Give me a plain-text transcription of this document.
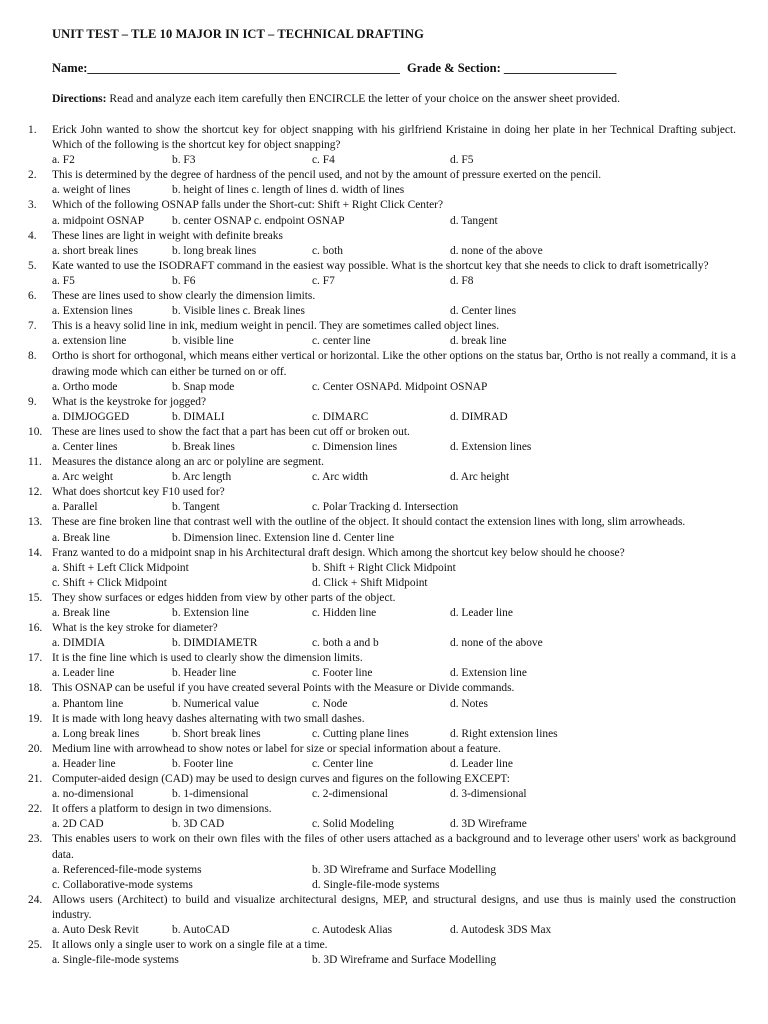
UNIT TEST – TLE 10 MAJOR IN ICT – TECHNICAL DRAFTING
Name:__________________________________________________ Grade & Section: __________________
Directions: Read and analyze each item carefully then ENCIRCLE the letter of your choice on the answer sheet provided.
1.	Erick John wanted to show the shortcut key for object snapping with his girlfriend Kristaine in doing her plate in her Technical Drafting subject. Which of the following is the shortcut key for object snapping?
a. F2	b. F3	c. F4	d. F5
2.	This is determined by the degree of hardness of the pencil used, and not by the amount of pressure exerted on the pencil.
a. weight of lines	b. height of lines c. length of lines d. width of lines
3.	Which of the following OSNAP falls under the Short-cut: Shift + Right Click Center?
a. midpoint OSNAP b. center OSNAP c. endpoint OSNAP	d. Tangent
4.	These lines are light in weight with definite breaks
a. short break lines	b. long break lines	c. both	d. none of the above
5.	Kate wanted to use the ISODRAFT command in the easiest way possible. What is the shortcut key that she needs to click to draft isometrically?
a. F5	b. F6	c. F7	d. F8
6.	These are lines used to show clearly the dimension limits.
a. Extension lines	b. Visible lines c. Break lines	d. Center lines
7.	This is a heavy solid line in ink, medium weight in pencil. They are sometimes called object lines.
a. extension line	b. visible line	c. center line	d. break line
8.	Ortho is short for orthogonal, which means either vertical or horizontal. Like the other options on the status bar, Ortho is not really a command, it is a drawing mode which can either be turned on or off.
a. Ortho mode	b. Snap mode	c. Center OSNAPd. Midpoint OSNAP
9.	What is the keystroke for jogged?
a. DIMJOGGED	b. DIMALI	c. DIMARC	d. DIMRAD
10. These are lines used to show the fact that a part has been cut off or broken out.
a. Center lines	b. Break lines	c. Dimension lines	d. Extension lines
11. Measures the distance along an arc or polyline are segment.
a. Arc weight	b. Arc length	c. Arc width	d. Arc height
12. What does shortcut key F10 used for?
a. Parallel	b. Tangent	c. Polar Tracking d. Intersection
13. These are fine broken line that contrast well with the outline of the object. It should contact the extension lines with long, slim arrowheads.
a. Break line	b. Dimension linec. Extension line d. Center line
14. Franz wanted to do a midpoint snap in his Architectural draft design. Which among the shortcut key below should he choose?
a. Shift + Left Click Midpoint	b. Shift + Right Click Midpoint
c. Shift + Click Midpoint	d. Click + Shift Midpoint
15. They show surfaces or edges hidden from view by other parts of the object.
a. Break line	b. Extension line	c. Hidden line	d. Leader line
16. What is the key stroke for diameter?
a. DIMDIA	b. DIMDIAMETR	c. both a and b	d. none of the above
17. It is the fine line which is used to clearly show the dimension limits.
a. Leader line	b. Header line	c. Footer line	d. Extension line
18. This OSNAP can be useful if you have created several Points with the Measure or Divide commands.
a. Phantom line	b. Numerical value	c. Node	d. Notes
19. It is made with long heavy dashes alternating with two small dashes.
a. Long break lines	b. Short break lines	c. Cutting plane lines	d. Right extension lines
20. Medium line with arrowhead to show notes or label for size or special information about a feature.
a. Header line	b. Footer line	c. Center line	d. Leader line
21. Computer-aided design (CAD) may be used to design curves and figures on the following EXCEPT:
a. no-dimensional	b. 1-dimensional	c. 2-dimensional	d. 3-dimensional
22. It offers a platform to design in two dimensions.
a. 2D CAD	b. 3D CAD	c. Solid Modeling	d. 3D Wireframe
23. This enables users to work on their own files with the files of other users attached as a background and to leverage other users' work as background data.
a. Referenced-file-mode systems	b. 3D Wireframe and Surface Modelling
c. Collaborative-mode systems	d. Single-file-mode systems
24. Allows users (Architect) to build and visualize architectural designs, MEP, and structural designs, and use thus is mainly used the construction industry.
a. Auto Desk Revit	b. AutoCAD	c. Autodesk Alias	d. Autodesk 3DS Max
25. It allows only a single user to work on a single file at a time.
a. Single-file-mode systems	b. 3D Wireframe and Surface Modelling
